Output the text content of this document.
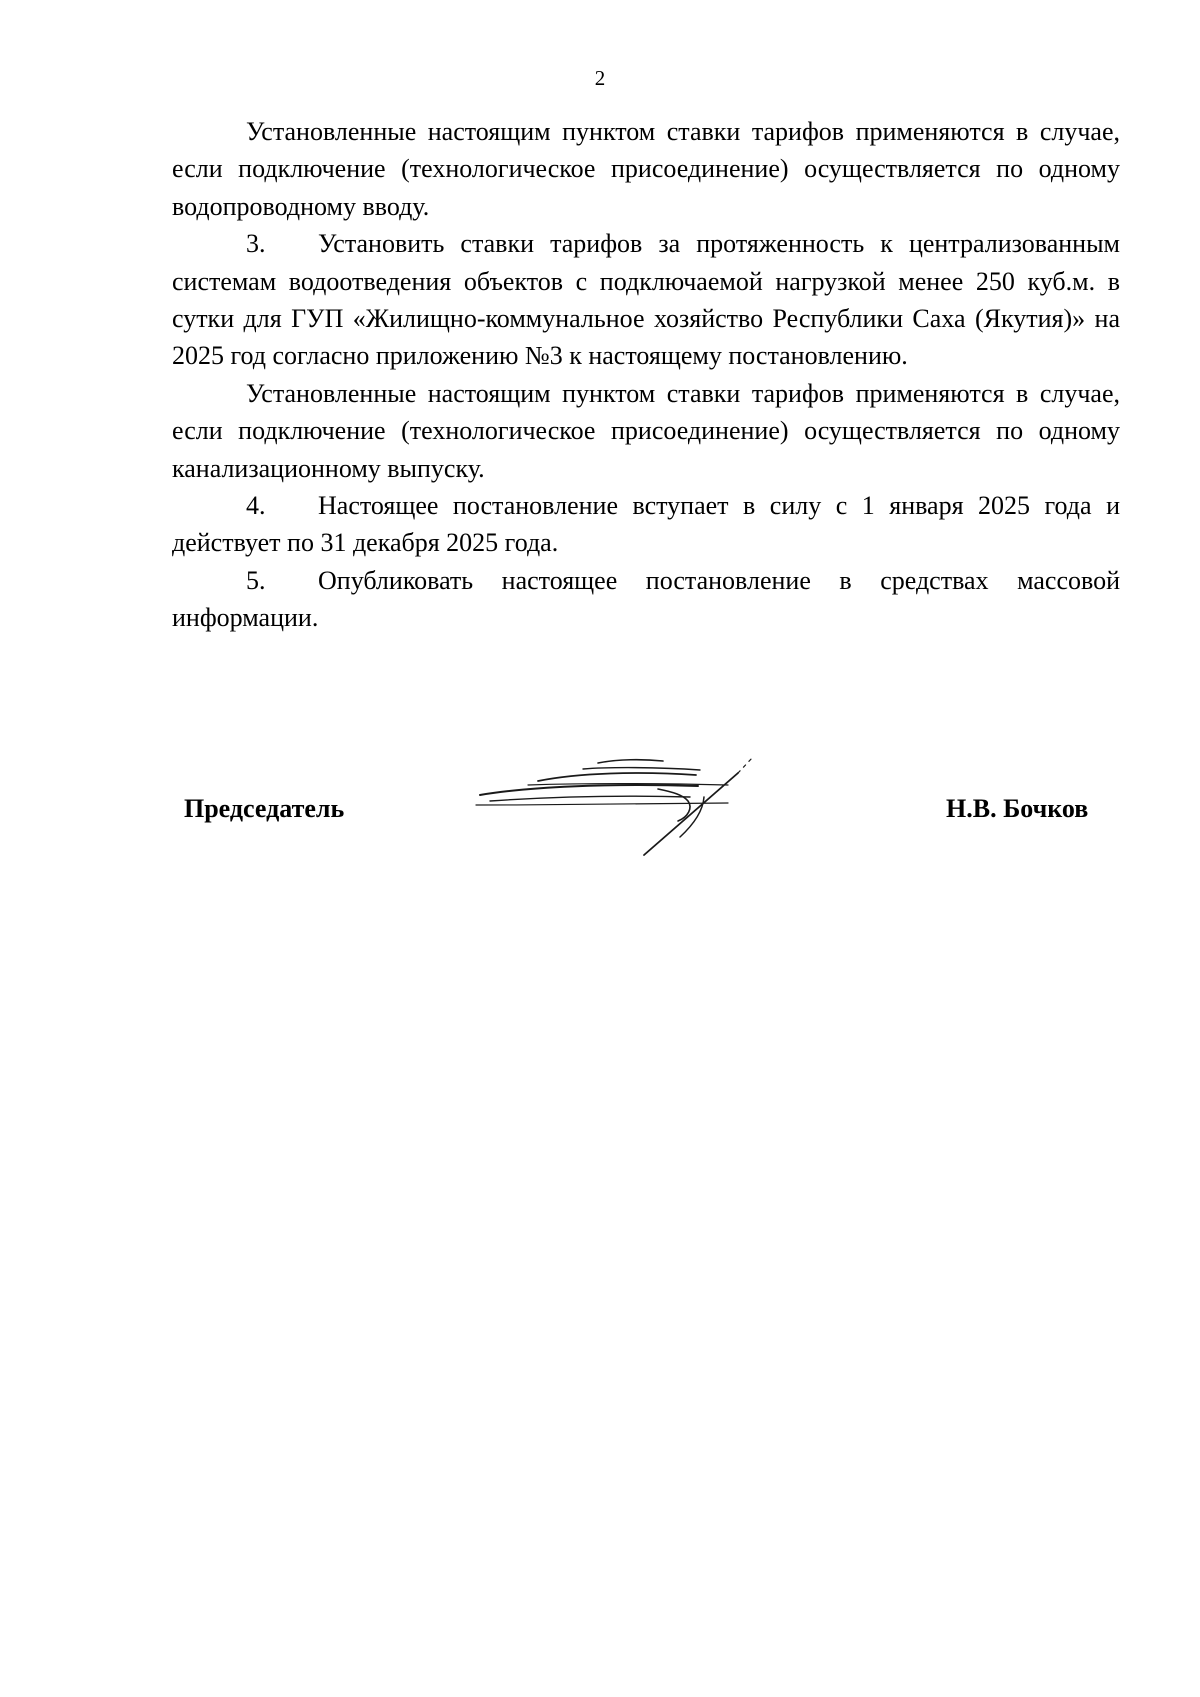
2

Установленные настоящим пунктом ставки тарифов применяются в случае, если подключение (технологическое присоединение) осуществляется по одному водопроводному вводу.

3. Установить ставки тарифов за протяженность к централизованным системам водоотведения объектов с подключаемой нагрузкой менее 250 куб.м. в сутки для ГУП «Жилищно-коммунальное хозяйство Республики Саха (Якутия)» на 2025 год согласно приложению №3 к настоящему постановлению.

Установленные настоящим пунктом ставки тарифов применяются в случае, если подключение (технологическое присоединение) осуществляется по одному канализационному выпуску.

4. Настоящее постановление вступает в силу с 1 января 2025 года и действует по 31 декабря 2025 года.

5. Опубликовать настоящее постановление в средствах массовой информации.

Председатель	Н.В. Бочков
